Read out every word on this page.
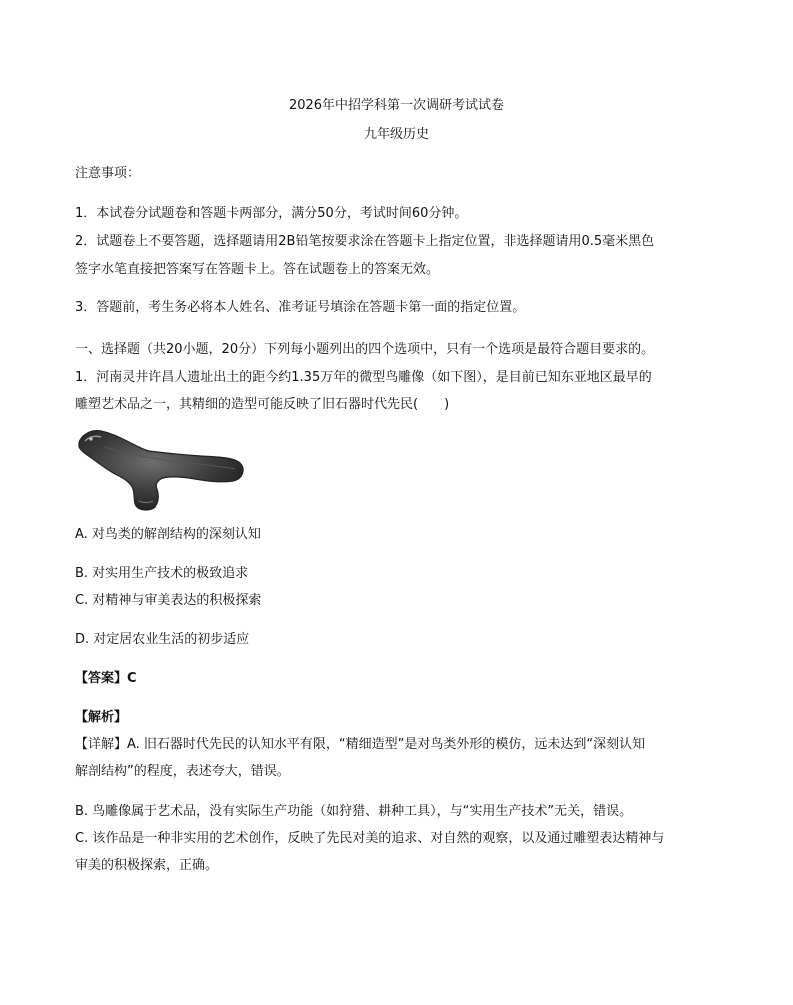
2026年中招学科第一次调研考试试卷
九年级历史
注意事项：
1．本试卷分试题卷和答题卡两部分，满分50分，考试时间60分钟。
2．试题卷上不要答题，选择题请用2B铅笔按要求涂在答题卡上指定位置，非选择题请用0.5毫米黑色
签字水笔直接把答案写在答题卡上。答在试题卷上的答案无效。
3．答题前，考生务必将本人姓名、准考证号填涂在答题卡第一面的指定位置。
一、选择题（共20小题，20分）下列每小题列出的四个选项中，只有一个选项是最符合题目要求的。
1．河南灵井许昌人遗址出土的距今约1.35万年的微型鸟雕像（如下图），是目前已知东亚地区最早的
雕塑艺术品之一，其精细的造型可能反映了旧石器时代先民(　　)
A. 对鸟类的解剖结构的深刻认知
B. 对实用生产技术的极致追求
C. 对精神与审美表达的积极探索
D. 对定居农业生活的初步适应
【答案】C
【解析】
【详解】A. 旧石器时代先民的认知水平有限，“精细造型”是对鸟类外形的模仿，远未达到“深刻认知
解剖结构”的程度，表述夸大，错误。
B. 鸟雕像属于艺术品，没有实际生产功能（如狩猎、耕种工具），与“实用生产技术”无关，错误。
C. 该作品是一种非实用的艺术创作，反映了先民对美的追求、对自然的观察，以及通过雕塑表达精神与
审美的积极探索，正确。
